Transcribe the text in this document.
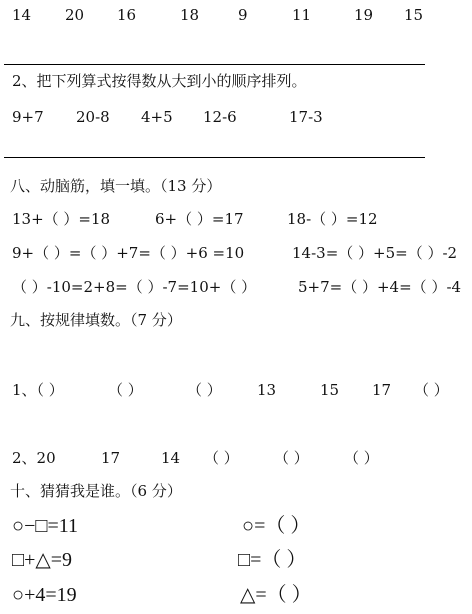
14 20 16	18	9	11	19 15
2、把下列算式按得数从大到小的顺序排列。
9+7 20-8 4+5 12-6	17-3
八、动脑筋，填一填。（13 分）
13+（ ）=18	6+（ ）=17	18-（ ）=12
9+（ ）=（ ）+7=（ ）+6 =10	14-3=（ ）+5=（ ）-2
（ ）-10=2+8=（ ）-7=10+（ ）	5+7=（ ）+4=（ ）-4
九、按规律填数。（7 分）
1、（ ）	（ ）	（ ） 13	15 17 （ ）
2、20	17	14 （ ） （ ） （ ）
十、猜猜我是谁。（6 分）
○−□=11
□+△=9
○+4=19
○=（ ）
□=（ ）
△=（ ）
